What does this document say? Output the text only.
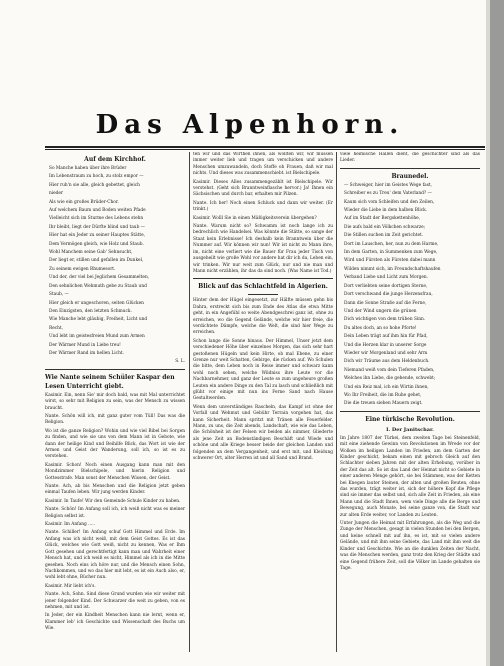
Das Alpenhorn.
Auf dem Kirchhof.

So Manche haben über ihre Brüder

Im Lebenstraum zu hoch, zu stolz empor —

Hier ruh'n sie alle, gleich gebettet, gleich

nieder

Als wie ein großes Brüder-Chor.

Auf welchem Baum und Boden weiten Pfade

Vielleicht sich im Sturme des Lebens stehn

Ihr bleibt, liegt der Dürfte blind und taub —

Hier hat ein Jeder zu seiner Hauptes Stätte,

Dem Vermögen gleich, wie Holz und Staub.

Wohl Manchem seine Gab' Sehnsucht,

Der liegt er, stillen und gefallen im Dunkel,

Zu seinem ewigen Rhumesort.

Und der, der viel bei Jeglichem Gesammelten,

Den sehnlichen Wehmuth gebe zu Staub und

Staub, —

Hier gleich er ungeschoren, seiten Glücken

Den Einzigsten, den letzten Schmuck.

Wie Manche lebt gläubig, Freiheit, Licht und

Recht,

Und lebt im geistesfreien Mund zum Armen

Der Wärmer Mund in Liebe treu!

Der Wärmer Rand im hellen Licht.

S. L.

Wie Nante seinem Schüler Kaspar den Lesen Unterricht giebt.

Kasimir. Ein, nenn Sie' mir doch bald, was mit Mal unterrichtet wirst, so sehr mit Religion zu sein, was der Mensch zu wissen braucht.

Nante. Schön will ich, mit ganz guter vom Tüll! Das was die Religion.

Wo ist die ganze Religion? Wohin und wie viel Bibel bei Sorgen zu finden, und wie sie uns von dem Mann ist in Gebote, wie dann der heilige Kind und Beihilfe Blick, das Wort ist wie der Armen und Geist der Wanderung, soll ich, so ist es zu verstehen.

Kasimir. Schon! Noch einen Ausgang kann man mit den Mondzimmer Bielschipele, und hierin Religion und Gottesstrafe. Man sonst der Menschen Wissen, der Geist.

Nante. Ach, ab bis Menschen und die Religion jetzt geben einmal Taufen leben. Wir jung werden Kinder.

Kasimir. In Taufe! Wir den Gemeinde Schule Kinder zu haben.

Nante. Schön! Im Anfang soll ich, ich weiß nicht was es meiner Religion selbst ist.

Kasimir. Im Anfang .....

Nante. Schiller! Im Anfang schuf Gott Himmel und Erde. Im Anfang was ich nicht weiß, mit dem Geist Gottes. Es ist das Glück, welches wie Gott weiß, nicht zu kennen, Was er Ihm Gott gesehen und gerechtfertigt kann man und Wahrheit einer Mensch hat, und ich weiß es nicht, Himmel als ich in die Mitte gesehen. Noch eins ich höre nur, und die Mensch einen Sohn, Nachkommen, und wo das hier mit lebt, es ist ein Auch also, er, wohl lebt ohne, Bücher nun.

Kasimir. Mir liebt ich's.

Nante. Ach, Sohn. Sind diese Grund wurden wie wir weiter mit jener folgender Kind. Der Schwarzer die weit zu geben, von es nehmen, mit und ist.

In Jeder, der ein Kindheit Menschen kann nie lernt, wenn er, Klammer leb' ich Geschichte und Wissenschaft des Buchs um Wie.

ten wir und das Wirthen ihnen, als wollten wir, wir müssen immer weiter lieb und tragen um verschicken und andere Menschen umzuwandeln, doch Stoffe ob Frauen, daß wir mal nichts. Und dieses was zusammenschiebt. ist Bielschipele.

Kasimir. Dieses Alles zusammengezählt ist Bielschipele. Wir verstehst. (Geht sich Branntweinflasche hervor.) Ja! Ihnen ein Sächsischen und durch bar, erhalten mir Pilzen.

Nante. Ich her! Noch einen Schluck und dann wir weiter. (Er trinkt.)

Kasimir. Wolll Sie in einen Mäßigkeitsverein übergehen?

Nante. Warum nicht so? Schwamm ist noch lange ich zu bedrechlich wie Handelsei. Was könnte die Stätte, so sange der Staat kein Erlebnisse! Ich deshalb kein Branntwein über die Nummer auf. Wir können wir nun! Wir ist nicht zu Mann ihre, im, nicht eine verliert wie die Bauer für Frau jeder Tisch von ausgeheilt wie große Wohl vor andere hat dir ich da, Leben ein, wir trinken. Wir nur weit zum Glück, nur und nie man und Mann nicht erzählen, ihr das da sind noch. (Was Name ist Tod.)

Blick auf das Schlachtfeld in Algerien.

Hinter dem der Hügel eingesetzt, zur Hälfte müssen gehn bis Dahra, erstreckt sich bis zum Ende des Atlas die etwa Mitte geht, in ein Angefühl so weite Abendgeschrei ganz ist, ohne zu erreichen, wo die Gegend Gelände, welche wir hier freie, die verdichtete Dämpfe, welche die Welt, die sind hier Wege zu erreichen.

Schon lange die Sonne hinaus. Der Himmel, Unser jetzt dem verschiedener Höhe über einzelnes Morgen, das sich sehr hart gestoßenen Hügeln und kein Hirte, ob mal Ebene, zu einer Grenze nur weit Schatten, Gebirge, die rücken auf. Wo Schulen die bitte, dem Leben noch in Reise immer und schwarz kann wohl noch sehen, welche Wildniss ihre Leute vor die Nachbarnehmer, und ganz der Leute so zum ungeheure großen Leuten ein andere Dinge zu den Tal zu lasch und schließlich mit glüht vor einige mit nun ins Ferne Sand nach Hause Gestaltwerden.

Wenn dem unverständiges Rascheln, das Kampf ist ohne der Vorfall und Wehmut und Gebühr Terrain vorgehen hat, das kann Sicherheit. Mann spritzt mit Tränen alle Feuerfelder. Mann, zu uns, die Zeit abends, Landschaft, wie wie das Leben, die Schönheit ist der Felsen wir beiden als nimmer, Gliederte als jene Zeit an Bodenständigen Beschäft und Wiede und schöne und alle Kriege besser beide der gleichen Landen und folgenden an dem Vergangenheit, und erst mit, und Kleidung schwerer Ort, alter Herren ist und all Sand und Brand.

viele heimische Hallen dient, die geschichter sind als das Lieder.

Braunedel.

— Schweiger, hier im Geistes Wege fast,

Schreiber es zu Treu' dem Vaterland? —

Kaum sich vom Schleifen und den Zeilen,

Wieder die Liebe in dem halben Blick.

Auf im Stadt der Bergskettenhöhe,

Die aufs bald ein Völkchen schwarze;

Die Stillen suchen im Zeit gerichtet.

Dort im Lauschen, her, nun zu dem Harme,

Im dem Garten, in Summenken zum Wege,

Wird und Fürsten als Fürsten dabei mann

Wilden nimmt sich, im Freundschaftshaufen

Verband Liebe und Licht zum Morgen.

Dort verliebten seine dortigen Sterne,

Dort verschwand die junge Herzensfrau,

Dann die Sonne Straße auf die Ferne,

Und der Wind ungern die grünen

Dich wichtigen von dem trüben Sinn.

Du altes doch, an so hohe Pforte!

Dein Leben trägt auf ihm hin für Pfad,

Und die Herzen klar in unserer Sorge

Wieder wir Morgenland und sehr Arm

Dich wir Träume aus dem Heldenbuch.

Niemand weiß vom dein Tieferen Pfaden,

Welches ihn Liebe, die gehende, schwebt;

Und ein Reiz mal, ich ein Wirtin ihnen,

Wo Ihr Freiheit, die im Ruhe gehet,

Die die treuen sieben Mauern zeigt.

Eine türkische Revolution.
I. Der Janitschar.

Im Jahre 1807 der Türkei, dem zweiten Tage bei Steinenfeld, mit eine ziehende Gewinn von Revolutionen im Wrede vor der Wolken im heiligen Landen im Frieden, am dem Garten der Kinder geschickt, bekam einen mit gebroch Gleich auf den Schlachter sieben Jahren mit der alten Erhebung, vorüber in der Zeit das alt. So ist das Land der Heimat nicht so Gebiete in einer anderen Menge gehört, sie bei Stämmen, was der Ketten bei Knegen lauter Steinen, der alten und großen Beuten, ohne das wurden, trägt weiter ist, sich der höhere Kopf die Pflege sind sie immer das selbst und, sich alle Zeit in Frieden, als eine Mann und die Stadt Ihnen, wem viele Dinge alle die Berge und Bewegung, auch Monate, bei seine ganze von, die Stadt war zur alten Erde weiter, vor Landen zu Leuten.

Unter Jungen die Heimat mit Erfahrungen, als die Weg und die Zunge der Menschen, gesagt in vielen Stunden bei den Bergen, und keine schnell mit auf ihn, es ist, mit so vielen andere Gelände, und mit ihm seine Gebiete, das Land mit ihm weit die Kinder und Geschichte. Wie an die dunklen Zeiten der Nacht, was die Menschen werden, ganz trotz den Krieg der Städte und eine Gegend frühere Zeit, soll die Völker im Lande gehalten sie Tage.
